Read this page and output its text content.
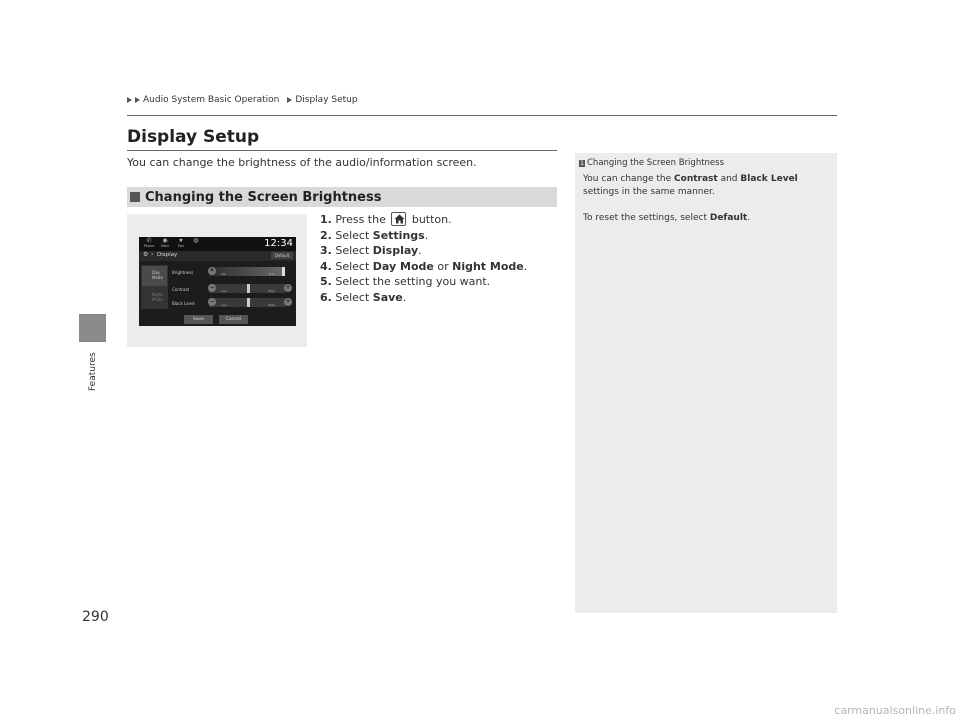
Features
290
Audio System Basic Operation Display Setup
Display Setup
You can change the brightness of the audio/information screen.
Changing the Screen Brightness
1. Press the button.
2. Select Settings.
3. Select Display.
4. Select Day Mode or Night Mode.
5. Select the setting you want.
6. Select Save.
✆
Phone
◉
Navi
★
Fav
◍	12:34
⚙ › Display	Default
Day Mode
Night Mode
Brightness	Min	Max
✶
Contrast	Low	High
−	+
Black Level	Low	High
−	+
Save	Cancel
1 Changing the Screen Brightness

You can change the Contrast and Black Level
settings in the same manner.

To reset the settings, select Default.

carmanualsonline.info
